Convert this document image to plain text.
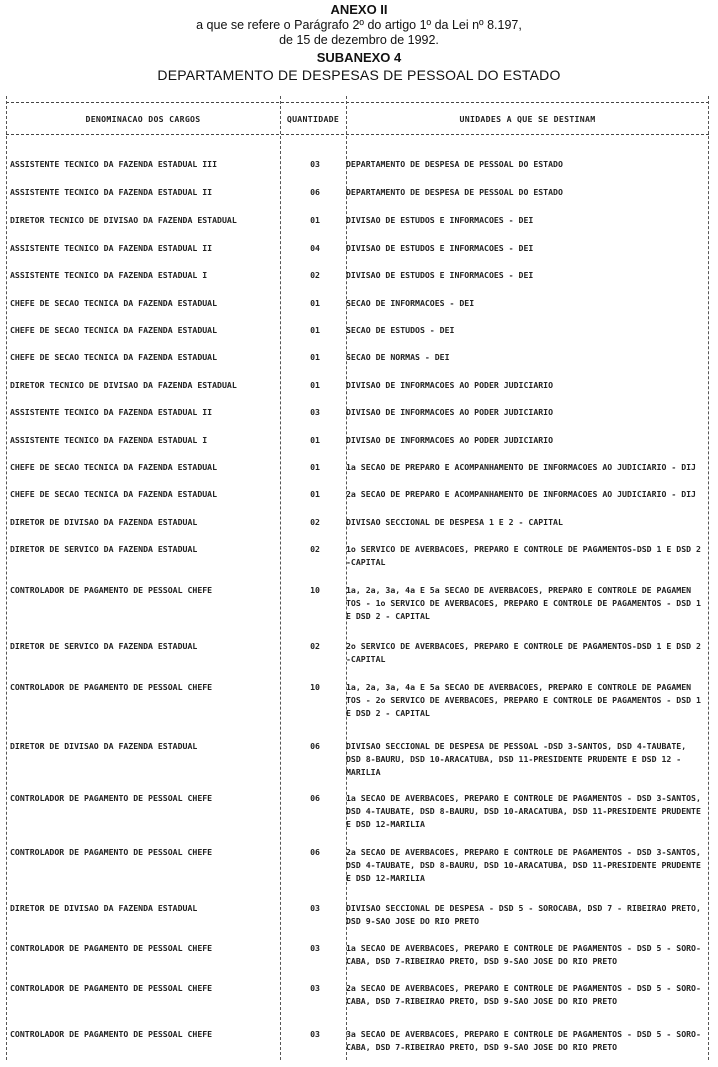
ANEXO II
a que se refere o Parágrafo 2º do artigo 1º da Lei nº 8.197,
de 15 de dezembro de 1992.
SUBANEXO 4
DEPARTAMENTO DE DESPESAS DE PESSOAL DO ESTADO
DENOMINACAO DOS CARGOS	QUANTIDADE	UNIDADES A QUE SE DESTINAM
ASSISTENTE TECNICO DA FAZENDA ESTADUAL III	03	DEPARTAMENTO DE DESPESA DE PESSOAL DO ESTADO
ASSISTENTE TECNICO DA FAZENDA ESTADUAL II	06	DEPARTAMENTO DE DESPESA DE PESSOAL DO ESTADO
DIRETOR TECNICO DE DIVISAO DA FAZENDA ESTADUAL	01	DIVISAO DE ESTUDOS E INFORMACOES - DEI
ASSISTENTE TECNICO DA FAZENDA ESTADUAL II	04	DIVISAO DE ESTUDOS E INFORMACOES - DEI
ASSISTENTE TECNICO DA FAZENDA ESTADUAL I	02	DIVISAO DE ESTUDOS E INFORMACOES - DEI
CHEFE DE SECAO TECNICA DA FAZENDA ESTADUAL	01	SECAO DE INFORMACOES - DEI
CHEFE DE SECAO TECNICA DA FAZENDA ESTADUAL	01	SECAO DE ESTUDOS - DEI
CHEFE DE SECAO TECNICA DA FAZENDA ESTADUAL	01	SECAO DE NORMAS - DEI
DIRETOR TECNICO DE DIVISAO DA FAZENDA ESTADUAL	01	DIVISAO DE INFORMACOES AO PODER JUDICIARIO
ASSISTENTE TECNICO DA FAZENDA ESTADUAL II	03	DIVISAO DE INFORMACOES AO PODER JUDICIARIO
ASSISTENTE TECNICO DA FAZENDA ESTADUAL I	01	DIVISAO DE INFORMACOES AO PODER JUDICIARIO
CHEFE DE SECAO TECNICA DA FAZENDA ESTADUAL	01	1a SECAO DE PREPARO E ACOMPANHAMENTO DE INFORMACOES AO JUDICIARIO - DIJ
CHEFE DE SECAO TECNICA DA FAZENDA ESTADUAL	01	2a SECAO DE PREPARO E ACOMPANHAMENTO DE INFORMACOES AO JUDICIARIO - DIJ
DIRETOR DE DIVISAO DA FAZENDA ESTADUAL	02	DIVISAO SECCIONAL DE DESPESA 1 E 2 - CAPITAL
DIRETOR DE SERVICO DA FAZENDA ESTADUAL	02	1o SERVICO DE AVERBACOES, PREPARO E CONTROLE DE PAGAMENTOS-DSD 1 E DSD 2
-CAPITAL
CONTROLADOR DE PAGAMENTO DE PESSOAL CHEFE	10	1a, 2a, 3a, 4a E 5a SECAO DE AVERBACOES, PREPARO E CONTROLE DE PAGAMEN
TOS - 1o SERVICO DE AVERBACOES, PREPARO E CONTROLE DE PAGAMENTOS - DSD 1
E DSD 2 - CAPITAL
DIRETOR DE SERVICO DA FAZENDA ESTADUAL	02	2o SERVICO DE AVERBACOES, PREPARO E CONTROLE DE PAGAMENTOS-DSD 1 E DSD 2
-CAPITAL
CONTROLADOR DE PAGAMENTO DE PESSOAL CHEFE	10	1a, 2a, 3a, 4a E 5a SECAO DE AVERBACOES, PREPARO E CONTROLE DE PAGAMEN
TOS - 2o SERVICO DE AVERBACOES, PREPARO E CONTROLE DE PAGAMENTOS - DSD 1
E DSD 2 - CAPITAL
DIRETOR DE DIVISAO DA FAZENDA ESTADUAL	06	DIVISAO SECCIONAL DE DESPESA DE PESSOAL -DSD 3-SANTOS, DSD 4-TAUBATE,
DSD 8-BAURU, DSD 10-ARACATUBA, DSD 11-PRESIDENTE PRUDENTE E DSD 12 -
MARILIA
CONTROLADOR DE PAGAMENTO DE PESSOAL CHEFE	06	1a SECAO DE AVERBACOES, PREPARO E CONTROLE DE PAGAMENTOS - DSD 3-SANTOS,
DSD 4-TAUBATE, DSD 8-BAURU, DSD 10-ARACATUBA, DSD 11-PRESIDENTE PRUDENTE
E DSD 12-MARILIA
CONTROLADOR DE PAGAMENTO DE PESSOAL CHEFE	06	2a SECAO DE AVERBACOES, PREPARO E CONTROLE DE PAGAMENTOS - DSD 3-SANTOS,
DSD 4-TAUBATE, DSD 8-BAURU, DSD 10-ARACATUBA, DSD 11-PRESIDENTE PRUDENTE
E DSD 12-MARILIA
DIRETOR DE DIVISAO DA FAZENDA ESTADUAL	03	DIVISAO SECCIONAL DE DESPESA - DSD 5 - SOROCABA, DSD 7 - RIBEIRAO PRETO,
DSD 9-SAO JOSE DO RIO PRETO
CONTROLADOR DE PAGAMENTO DE PESSOAL CHEFE	03	1a SECAO DE AVERBACOES, PREPARO E CONTROLE DE PAGAMENTOS - DSD 5 - SORO-
CABA, DSD 7-RIBEIRAO PRETO, DSD 9-SAO JOSE DO RIO PRETO
CONTROLADOR DE PAGAMENTO DE PESSOAL CHEFE	03	2a SECAO DE AVERBACOES, PREPARO E CONTROLE DE PAGAMENTOS - DSD 5 - SORO-
CABA, DSD 7-RIBEIRAO PRETO, DSD 9-SAO JOSE DO RIO PRETO
CONTROLADOR DE PAGAMENTO DE PESSOAL CHEFE	03	3a SECAO DE AVERBACOES, PREPARO E CONTROLE DE PAGAMENTOS - DSD 5 - SORO-
CABA, DSD 7-RIBEIRAO PRETO, DSD 9-SAO JOSE DO RIO PRETO
